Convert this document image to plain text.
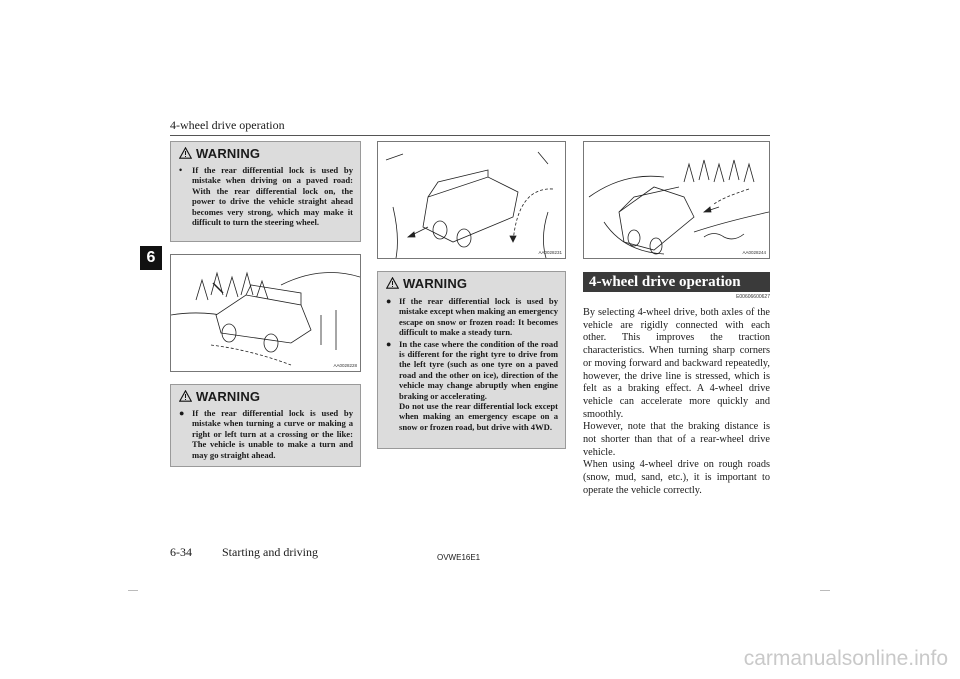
4-wheel drive operation
6
WARNING
•	If the rear differential lock is used by mistake when driving on a paved road: With the rear differential lock on, the power to drive the vehicle straight ahead becomes very strong, which may make it difficult to turn the steering wheel.
AA0028228
WARNING
● If the rear differential lock is used by mistake when turning a curve or making a right or left turn at a crossing or the like: The vehicle is unable to make a turn and may go straight ahead.
AA0028231
WARNING
● If the rear differential lock is used by mistake except when making an emergency escape on snow or frozen road: It becomes difficult to make a steady turn.
● In the case where the condition of the road is different for the right tyre to drive from the left tyre (such as one tyre on a paved road and the other on ice), direction of the vehicle may change abruptly when engine braking or accelerating.
Do not use the rear differential lock except when making an emergency escape on a snow or frozen road, but drive with 4WD.
AA0028244
4-wheel drive operation
E00606600627

By selecting 4-wheel drive, both axles of the vehicle are rigidly connected with each other. This improves the traction characteristics. When turning sharp corners or moving forward and backward repeatedly, however, the drive line is stressed, which is felt as a braking effect. A 4-wheel drive vehicle can accelerate more quickly and smoothly.

However, note that the braking distance is not shorter than that of a rear-wheel drive vehicle.

When using 4-wheel drive on rough roads (snow, mud, sand, etc.), it is important to operate the vehicle correctly.

6-34	Starting and driving	OVWE16E1
carmanualsonline.info
